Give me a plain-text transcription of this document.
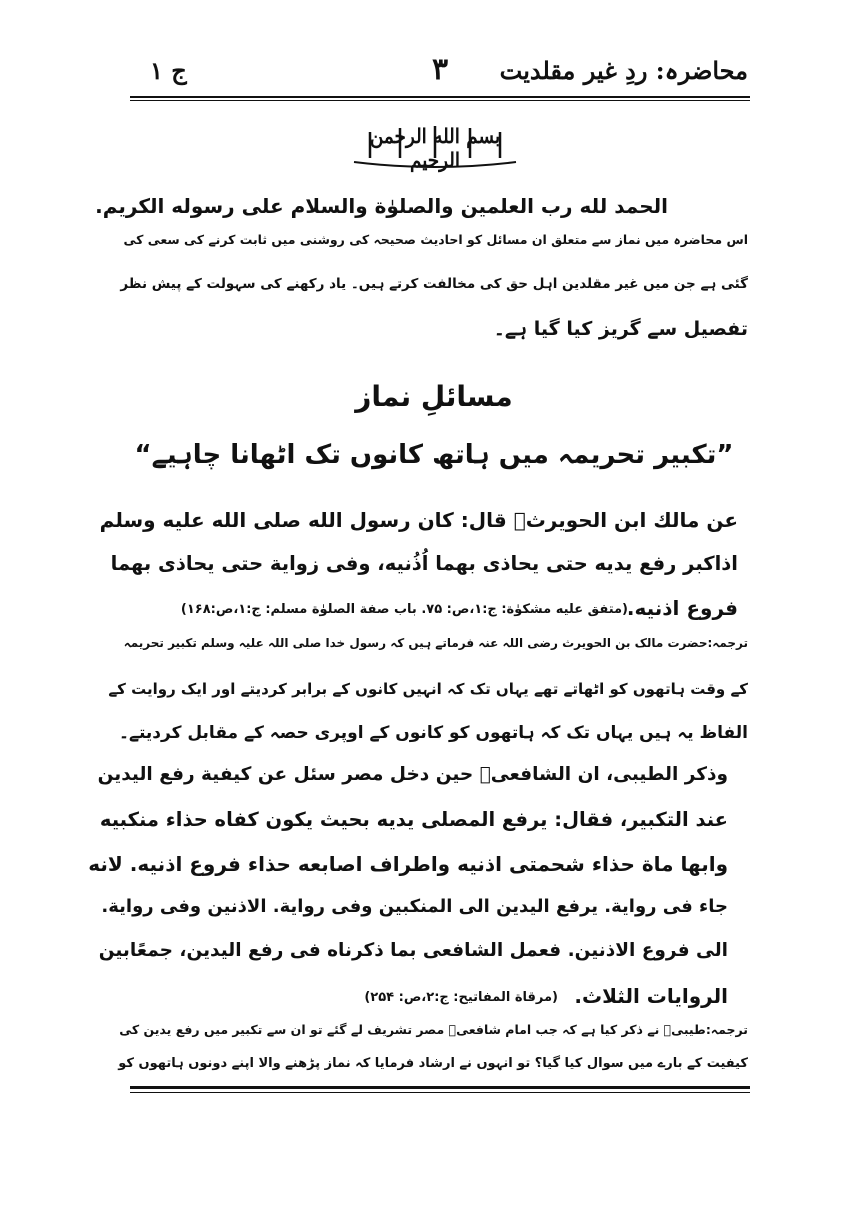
ج ۱	۳	محاضرہ: ردِ غیر مقلدیت
بسم الله الرحمن الرحيم
الحمد لله رب العلمين والصلوٰة والسلام على رسوله الكريم.
اس محاضرہ میں نماز سے متعلق ان مسائل کو احادیث صحیحہ کی روشنی میں ثابت کرنے کی سعی کی
گئی ہے جن میں غیر مقلدین اہل حق کی مخالفت کرتے ہیں۔ یاد رکھنے کی سہولت کے پیش نظر
تفصیل سے گریز کیا گیا ہے۔
مسائلِ نماز
”تکبیر تحریمہ میں ہاتھ کانوں تک اٹھانا چاہیے“
عن مالك ابن الحويرثؓ قال: كان رسول الله صلى الله عليه وسلم
اذاكبر رفع يديه حتى يحاذى بهما اُذُنيه، وفى زواية حتى يحاذى بهما
فروع اذنيه.
(متفق عليه مشكوٰة: ج:۱،ص: ۷۵. باب صفة الصلوٰة مسلم: ج:۱،ص:۱۶۸)
ترجمہ:حضرت مالک بن الحویرث رضی اللہ عنہ فرماتے ہیں کہ رسول خدا صلی اللہ علیہ وسلم تکبیر تحریمہ
کے وقت ہاتھوں کو اٹھاتے تھے یہاں تک کہ انہیں کانوں کے برابر کردیتے اور ایک روایت کے
الفاظ یہ ہیں یہاں تک کہ ہاتھوں کو کانوں کے اوپری حصہ کے مقابل کردیتے۔
وذكر الطيبى، ان الشافعىؒ حين دخل مصر سئل عن كيفية رفع اليدين
عند التكبير، فقال: يرفع المصلى يديه بحيث يكون كفاه حذاء منكبيه
وابها ماة حذاء شحمتى اذنيه واطراف اصابعه حذاء فروع اذنيه. لانه
جاء فى رواية. يرفع اليدين الى المنكبين وفى رواية. الاذنين وفى رواية.
الى فروع الاذنين. فعمل الشافعى بما ذكرناه فى رفع اليدين، جمعًابين
الروايات الثلاث.
(مرقاة المفاتيح: ج:۲،ص: ۲۵۴)
ترجمہ:طیبیؒ نے ذکر کیا ہے کہ جب امام شافعیؒ مصر تشریف لے گئے تو ان سے تکبیر میں رفع یدین کی
کیفیت کے بارے میں سوال کیا گیا؟ تو انہوں نے ارشاد فرمایا کہ نماز پڑھنے والا اپنے دونوں ہاتھوں کو
